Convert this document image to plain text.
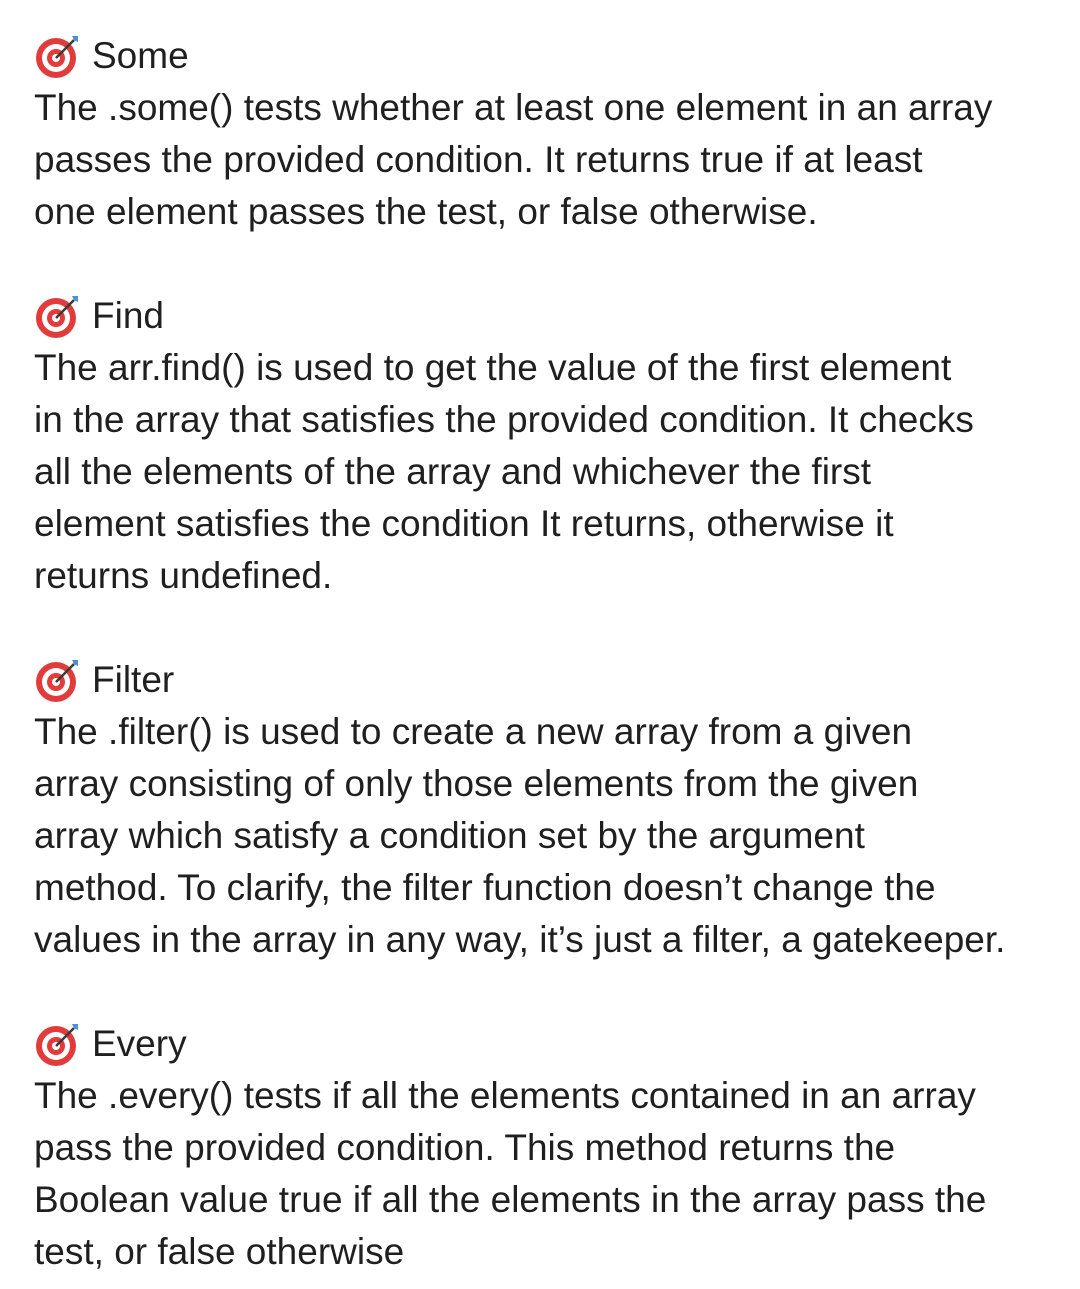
Some

The .some() tests whether at least one element in an array
passes the provided condition. It returns true if at least
one element passes the test, or false otherwise.

Find

The arr.find() is used to get the value of the first element
in the array that satisfies the provided condition. It checks
all the elements of the array and whichever the first
element satisfies the condition It returns, otherwise it
returns undefined.

Filter

The .filter() is used to create a new array from a given
array consisting of only those elements from the given
array which satisfy a condition set by the argument
method. To clarify, the filter function doesn’t change the
values in the array in any way, it’s just a filter, a gatekeeper.

Every

The .every() tests if all the elements contained in an array
pass the provided condition. This method returns the
Boolean value true if all the elements in the array pass the
test, or false otherwise
